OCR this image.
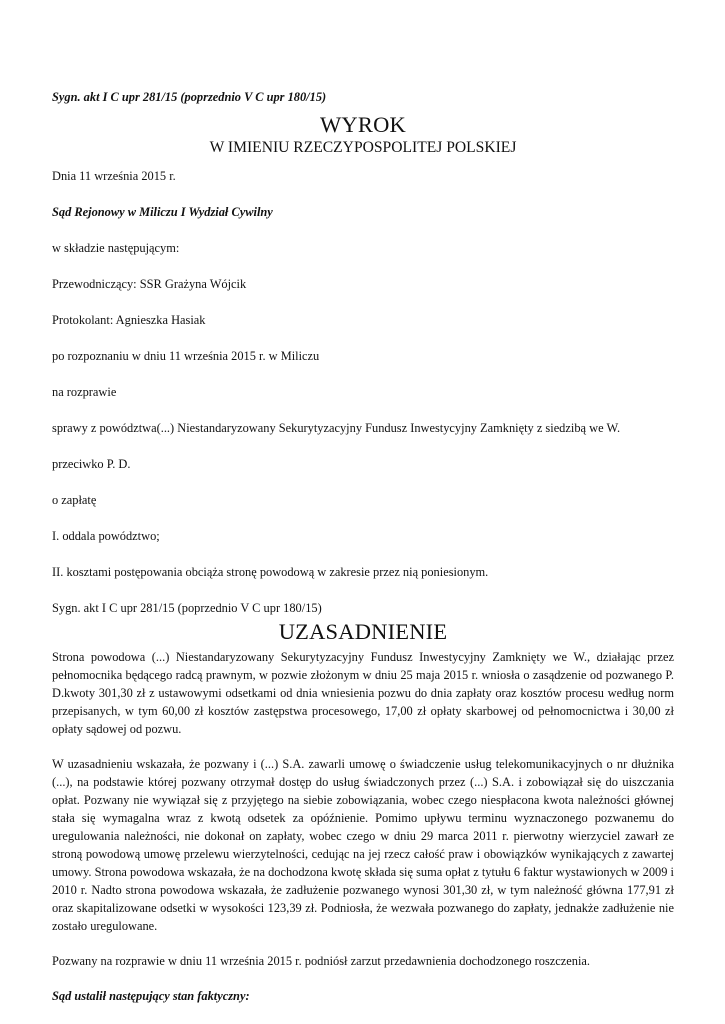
Sygn. akt I C upr 281/15 (poprzednio V C upr 180/15)

WYROK
W IMIENIU RZECZYPOSPOLITEJ POLSKIEJ

Dnia 11 września 2015 r.

Sąd Rejonowy w Miliczu I Wydział Cywilny

w składzie następującym:

Przewodniczący: SSR Grażyna Wójcik

Protokolant: Agnieszka Hasiak

po rozpoznaniu w dniu 11 września 2015 r. w Miliczu

na rozprawie

sprawy z powództwa(...) Niestandaryzowany Sekurytyzacyjny Fundusz Inwestycyjny Zamknięty z siedzibą we W.

przeciwko P. D.

o zapłatę

I. oddala powództwo;

II. kosztami postępowania obciąża stronę powodową w zakresie przez nią poniesionym.

Sygn. akt I C upr 281/15 (poprzednio V C upr 180/15)

UZASADNIENIE

Strona powodowa (...) Niestandaryzowany Sekurytyzacyjny Fundusz Inwestycyjny Zamknięty we W., działając przez pełnomocnika będącego radcą prawnym, w pozwie złożonym w dniu 25 maja 2015 r. wniosła o zasądzenie od pozwanego P. D.kwoty 301,30 zł z ustawowymi odsetkami od dnia wniesienia pozwu do dnia zapłaty oraz kosztów procesu według norm przepisanych, w tym 60,00 zł kosztów zastępstwa procesowego, 17,00 zł opłaty skarbowej od pełnomocnictwa i 30,00 zł opłaty sądowej od pozwu.

W uzasadnieniu wskazała, że pozwany i (...) S.A. zawarli umowę o świadczenie usług telekomunikacyjnych o nr dłużnika (...), na podstawie której pozwany otrzymał dostęp do usług świadczonych przez (...) S.A. i zobowiązał się do uiszczania opłat. Pozwany nie wywiązał się z przyjętego na siebie zobowiązania, wobec czego niespłacona kwota należności głównej stała się wymagalna wraz z kwotą odsetek za opóźnienie. Pomimo upływu terminu wyznaczonego pozwanemu do uregulowania należności, nie dokonał on zapłaty, wobec czego w dniu 29 marca 2011 r. pierwotny wierzyciel zawarł ze stroną powodową umowę przelewu wierzytelności, cedując na jej rzecz całość praw i obowiązków wynikających z zawartej umowy. Strona powodowa wskazała, że na dochodzona kwotę składa się suma opłat z tytułu 6 faktur wystawionych w 2009 i 2010 r. Nadto strona powodowa wskazała, że zadłużenie pozwanego wynosi 301,30 zł, w tym należność główna 177,91 zł oraz skapitalizowane odsetki w wysokości 123,39 zł. Podniosła, że wezwała pozwanego do zapłaty, jednakże zadłużenie nie zostało uregulowane.

Pozwany na rozprawie w dniu 11 września 2015 r. podniósł zarzut przedawnienia dochodzonego roszczenia.

Sąd ustalił następujący stan faktyczny:
